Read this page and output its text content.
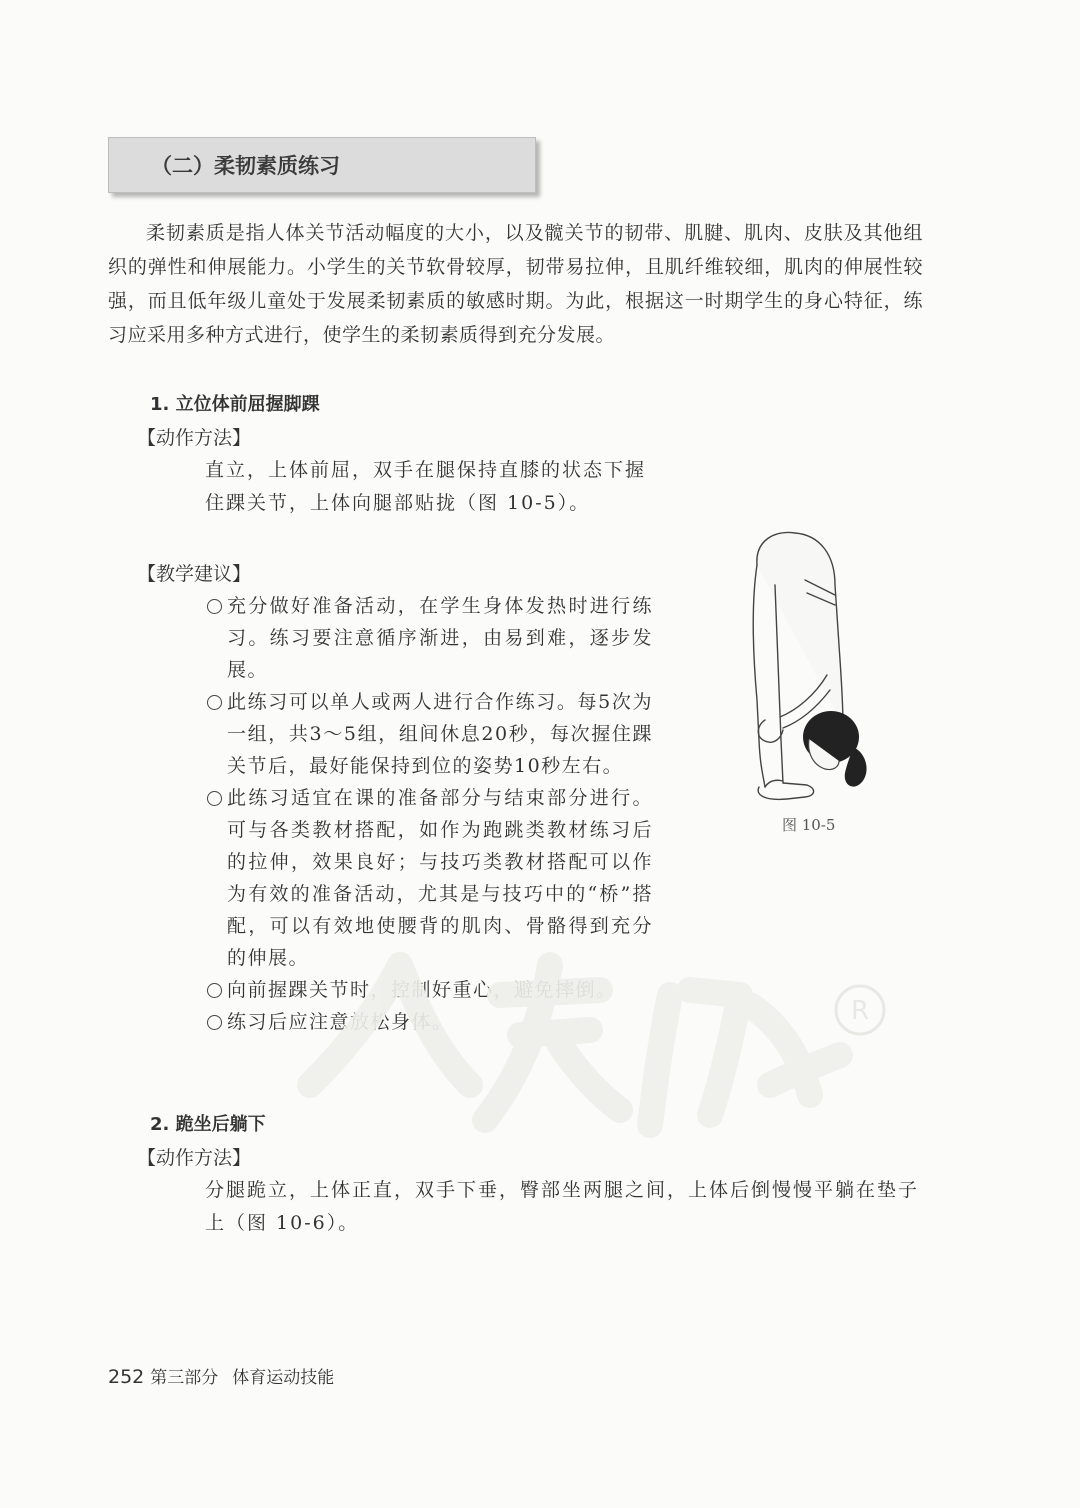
（二）柔韧素质练习

柔韧素质是指人体关节活动幅度的大小，以及髋关节的韧带、肌腱、肌肉、皮肤及其他组织的弹性和伸展能力。小学生的关节软骨较厚，韧带易拉伸，且肌纤维较细，肌肉的伸展性较强，而且低年级儿童处于发展柔韧素质的敏感时期。为此，根据这一时期学生的身心特征，练习应采用多种方式进行，使学生的柔韧素质得到充分发展。

1. 立位体前屈握脚踝
【动作方法】

直立，上体前屈，双手在腿保持直膝的状态下握住踝关节，上体向腿部贴拢（图 10-5）。

【教学建议】
充分做好准备活动，在学生身体发热时进行练习。练习要注意循序渐进，由易到难，逐步发展。
此练习可以单人或两人进行合作练习。每5次为一组，共3～5组，组间休息20秒，每次握住踝关节后，最好能保持到位的姿势10秒左右。
此练习适宜在课的准备部分与结束部分进行。可与各类教材搭配，如作为跑跳类教材练习后的拉伸，效果良好；与技巧类教材搭配可以作为有效的准备活动，尤其是与技巧中的“桥”搭配，可以有效地使腰背的肌肉、骨骼得到充分的伸展。
向前握踝关节时，控制好重心，避免摔倒。
练习后应注意放松身体。
图 10-5
R
2. 跪坐后躺下
【动作方法】

分腿跪立，上体正直，双手下垂，臀部坐两腿之间，上体后倒慢慢平躺在垫子上（图 10-6）。

252 第三部分 体育运动技能
